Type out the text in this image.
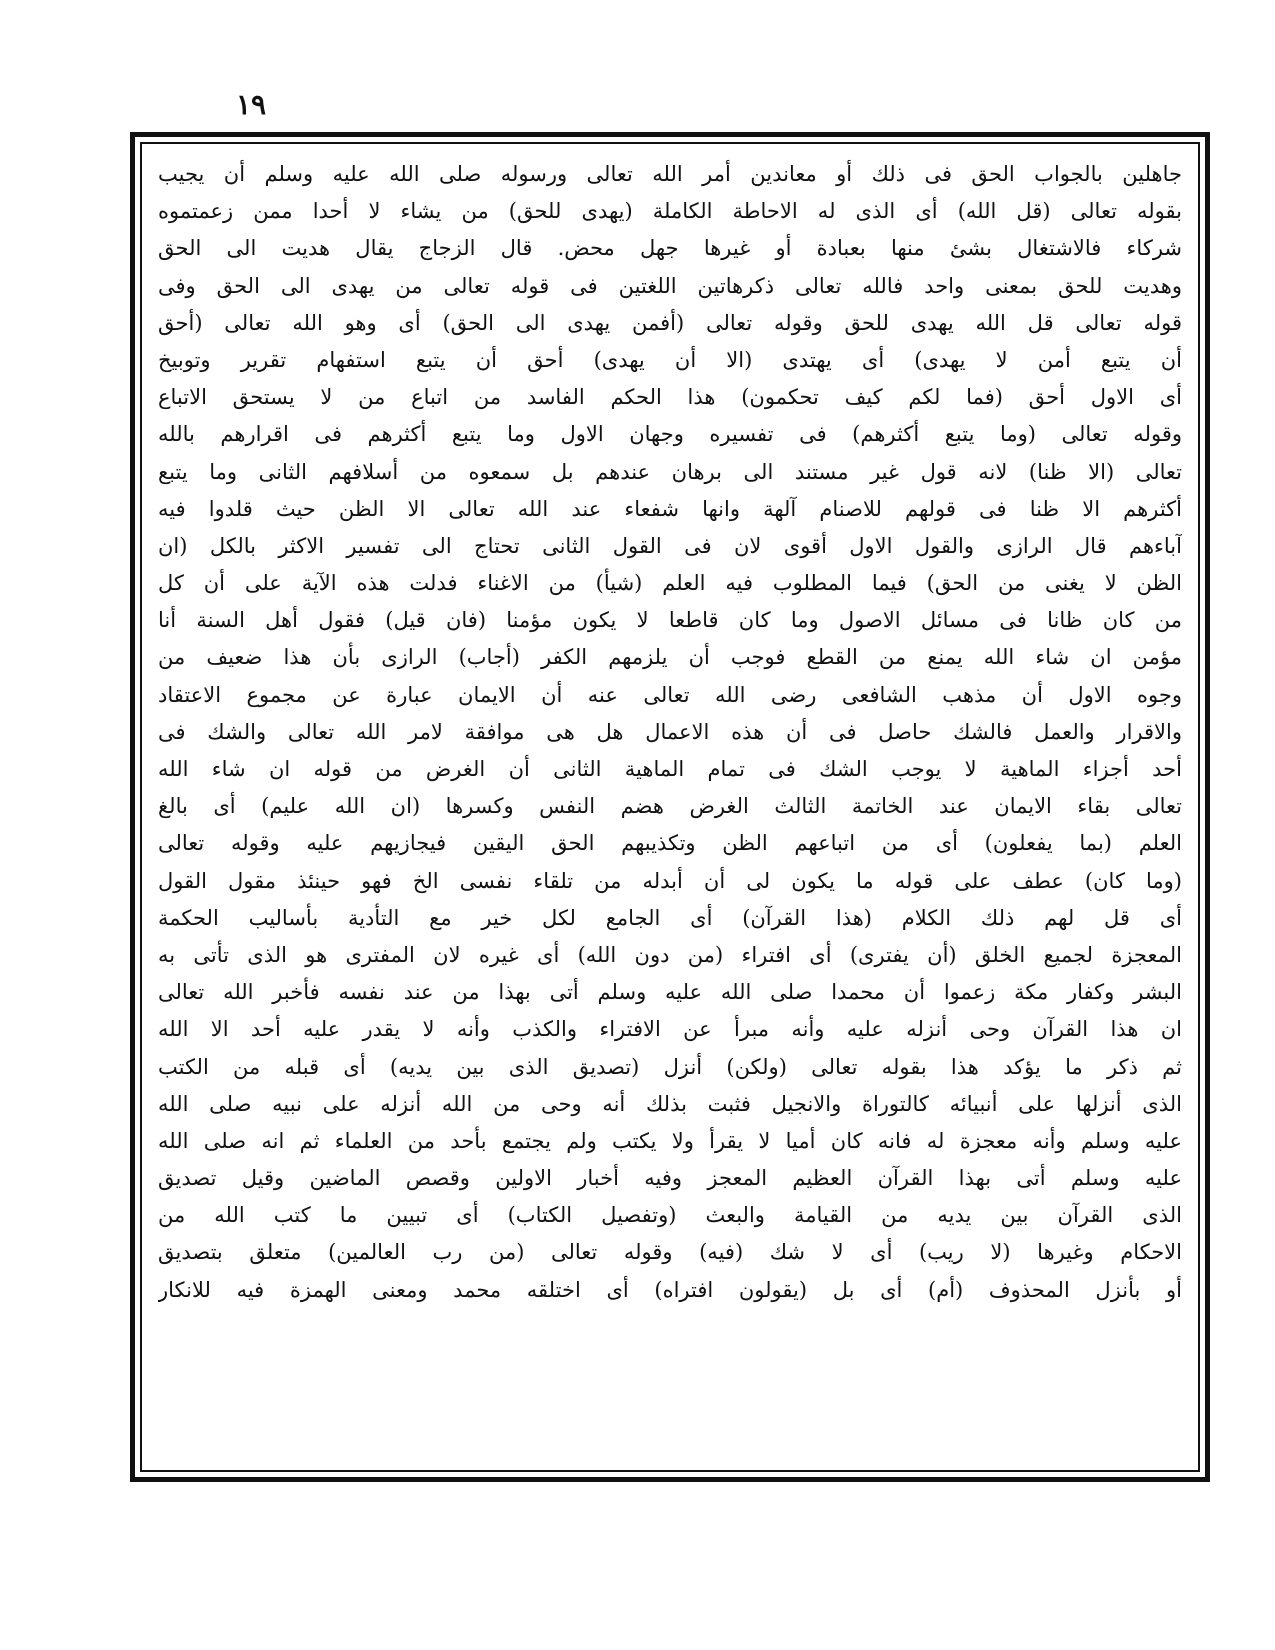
١٩
جاهلين بالجواب الحق فى ذلك أو معاندين أمر الله تعالى ورسوله صلى الله عليه وسلم أن يجيب
بقوله تعالى (قل الله) أى الذى له الاحاطة الكاملة (يهدى للحق) من يشاء لا أحدا ممن زعمتموه
شركاء فالاشتغال بشئ منها بعبادة أو غيرها جهل محض. قال الزجاج يقال هديت الى الحق
وهديت للحق بمعنى واحد فالله تعالى ذكرهاتين اللغتين فى قوله تعالى من يهدى الى الحق وفى
قوله تعالى قل الله يهدى للحق وقوله تعالى (أفمن يهدى الى الحق) أى وهو الله تعالى (أحق
أن يتبع أمن لا يهدى) أى يهتدى (الا أن يهدى) أحق أن يتبع استفهام تقرير وتوبيخ
أى الاول أحق (فما لكم كيف تحكمون) هذا الحكم الفاسد من اتباع من لا يستحق الاتباع
وقوله تعالى (وما يتبع أكثرهم) فى تفسيره وجهان الاول وما يتبع أكثرهم فى اقرارهم بالله
تعالى (الا ظنا) لانه قول غير مستند الى برهان عندهم بل سمعوه من أسلافهم الثانى وما يتبع
أكثرهم الا ظنا فى قولهم للاصنام آلهة وانها شفعاء عند الله تعالى الا الظن حيث قلدوا فيه
آباءهم قال الرازى والقول الاول أقوى لان فى القول الثانى تحتاج الى تفسير الاكثر بالكل (ان
الظن لا يغنى من الحق) فيما المطلوب فيه العلم (شيأ) من الاغناء فدلت هذه الآية على أن كل
من كان ظانا فى مسائل الاصول وما كان قاطعا لا يكون مؤمنا (فان قيل) فقول أهل السنة أنا
مؤمن ان شاء الله يمنع من القطع فوجب أن يلزمهم الكفر (أجاب) الرازى بأن هذا ضعيف من
وجوه الاول أن مذهب الشافعى رضى الله تعالى عنه أن الايمان عبارة عن مجموع الاعتقاد
والاقرار والعمل فالشك حاصل فى أن هذه الاعمال هل هى موافقة لامر الله تعالى والشك فى
أحد أجزاء الماهية لا يوجب الشك فى تمام الماهية الثانى أن الغرض من قوله ان شاء الله
تعالى بقاء الايمان عند الخاتمة الثالث الغرض هضم النفس وكسرها (ان الله عليم) أى بالغ
العلم (بما يفعلون) أى من اتباعهم الظن وتكذيبهم الحق اليقين فيجازيهم عليه وقوله تعالى
(وما كان) عطف على قوله ما يكون لى أن أبدله من تلقاء نفسى الخ فهو حينئذ مقول القول
أى قل لهم ذلك الكلام (هذا القرآن) أى الجامع لكل خير مع التأدية بأساليب الحكمة
المعجزة لجميع الخلق (أن يفترى) أى افتراء (من دون الله) أى غيره لان المفترى هو الذى تأتى به
البشر وكفار مكة زعموا أن محمدا صلى الله عليه وسلم أتى بهذا من عند نفسه فأخبر الله تعالى
ان هذا القرآن وحى أنزله عليه وأنه مبرأ عن الافتراء والكذب وأنه لا يقدر عليه أحد الا الله
ثم ذكر ما يؤكد هذا بقوله تعالى (ولكن) أنزل (تصديق الذى بين يديه) أى قبله من الكتب
الذى أنزلها على أنبيائه كالتوراة والانجيل فثبت بذلك أنه وحى من الله أنزله على نبيه صلى الله
عليه وسلم وأنه معجزة له فانه كان أميا لا يقرأ ولا يكتب ولم يجتمع بأحد من العلماء ثم انه صلى الله
عليه وسلم أتى بهذا القرآن العظيم المعجز وفيه أخبار الاولين وقصص الماضين وقيل تصديق
الذى القرآن بين يديه من القيامة والبعث (وتفصيل الكتاب) أى تبيين ما كتب الله من
الاحكام وغيرها (لا ريب) أى لا شك (فيه) وقوله تعالى (من رب العالمين) متعلق بتصديق
أو بأنزل المحذوف (أم) أى بل (يقولون افتراه) أى اختلقه محمد ومعنى الهمزة فيه للانكار
